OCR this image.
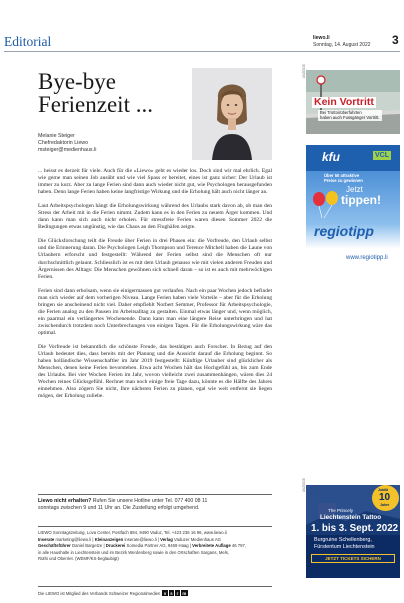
Editorial	liewo.li
Sonntag, 14. August 2022 3
Bye-bye
Ferienzeit ...
Melanie Steiger
Chefredaktorin Liewo
msteiger@medienhaus.li

... heisst es derzeit für viele. Auch für die «Liewo» geht es wieder los. Doch sind wir mal ehrlich. Egal wie gerne man seinen Job ausübt und wie viel Spass er bereitet, eines ist ganz sicher: Der Urlaub ist immer zu kurz. Aber zu lange Ferien sind dann auch wieder nicht gut, wie Psychologen herausgefunden haben. Denn lange Ferien haben keine langfristige Wirkung und die Erholung hält auch nicht länger an.

Laut Arbeitspsychologen hängt die Erholungswirkung während des Urlaubs stark davon ab, ob man den Stress der Arbeit mit in die Ferien nimmt. Zudem kann es in den Ferien zu neuem Ärger kommen. Und dann kann man sich auch nicht erholen. Für stressfreie Ferien waren diesen Sommer 2022 die Bedingungen etwas ungünstig, wie das Chaos an den Flughäfen zeigte.

Die Glücksforschung teilt die Freude über Ferien in drei Phasen ein: die Vorfreude, den Urlaub selbst und die Erinnerung daran. Die Psychologen Leigh Thompson und Terence Mitchell haben die Laune von Urlaubern erforscht und festgestellt: Während der Ferien selbst sind die Menschen oft nur durchschnittlich gelaunt. Schliesslich ist es mit dem Urlaub genauso wie mit vielen anderen Freuden und Ärgernissen des Alltags: Die Menschen gewöhnen sich schnell daran – so ist es auch mit mehrwöchigen Ferien.

Ferien sind dann erholsam, wenn sie einigermassen gut verlaufen. Nach ein paar Wochen jedoch befindet man sich wieder auf dem vorherigen Niveau. Lange Ferien haben viele Vorteile – aber für die Erholung bringen sie anscheinend nicht viel. Daher empfiehlt Norbert Semmer, Professor für Arbeitspsychologie, die Ferien analog zu den Pausen im Arbeitsalltag zu gestalten. Einmal etwas länger und, wenn möglich, ein paarmal ein verlängertes Wochenende. Dann kann man eine längere Reise unterbringen und hat zwischendurch trotzdem noch Unterbrechungen von einigen Tagen. Für die Erholungswirkung wäre das optimal.

Die Vorfreude ist bekanntlich die schönste Freude, das bestätigen auch Forscher. In Bezug auf den Urlaub bedeutet dies, dass bereits mit der Planung und die Aussicht darauf die Erholung beginnt. So haben holländische Wissenschaftler im Jahr 2019 festgestellt: Künftige Urlauber sind glücklicher als Menschen, denen keine Ferien bevorstehen. Etwa acht Wochen hält das Hochgefühl an, bis zum Ende des Urlaubs. Bei vier Wochen Ferien im Jahr, wovon vielleicht zwei zusammenhängen, wären dies 24 Wochen reines Glücksgefühl. Rechnet man noch einige freie Tage dazu, könnte es die Hälfte des Jahres einnehmen. Also zögern Sie nicht, Ihre nächsten Ferien zu planen, egal wie weit entfernt sie liegen mögen, der Erholung zuliebe.

Liewo nicht erhalten? Rufen Sie unsere Hotline unter Tel. 077 400 08 11
sonntags zwischen 9 und 11 Uhr an. Die Zustellung erfolgt umgehend.
LIEWO Sonntagszeitung, Lova Center, Postfach 884, 9490 Vaduz, Tel. +423 236 16 96, www.liewo.li
Inserate marketing@liewo.li | Kleinanzeigen inserate@liewo.li | Verlag Vaduzer Medienhaus AG
Geschäftsführer Daniel Bargetze | Druckerei Somedia Partner AG, 9469 Haag | Verbreitete Auflage 46 797,
in alle Haushalte in Liechtenstein und im Bezirk Werdenberg sowie in den Ortschaften Sargans, Mels,
Rüthi und Oberriet. (WEMF/KS-beglaubigt)
Die LIEWO ist Mitglied des Verbands Schweizer Regionalmedien v s r m
ANZEIGE
Kein Vortritt
Bei Trottoirüberfahrten
haben auch Fussgänger Vortritt.
kfu	VCL
Über 50 attraktive
Preise zu gewinnen
Jetzt
tippen!
regiotipp
www.regiotipp.li
ANZEIGE	Jubilä
10
Jahre
The Princely
Liechtenstein Tattoo
1. bis 3. Sept. 2022
Burgruine Schellenberg,
Fürstentum Liechtenstein
JETZT TICKETS SICHERN
